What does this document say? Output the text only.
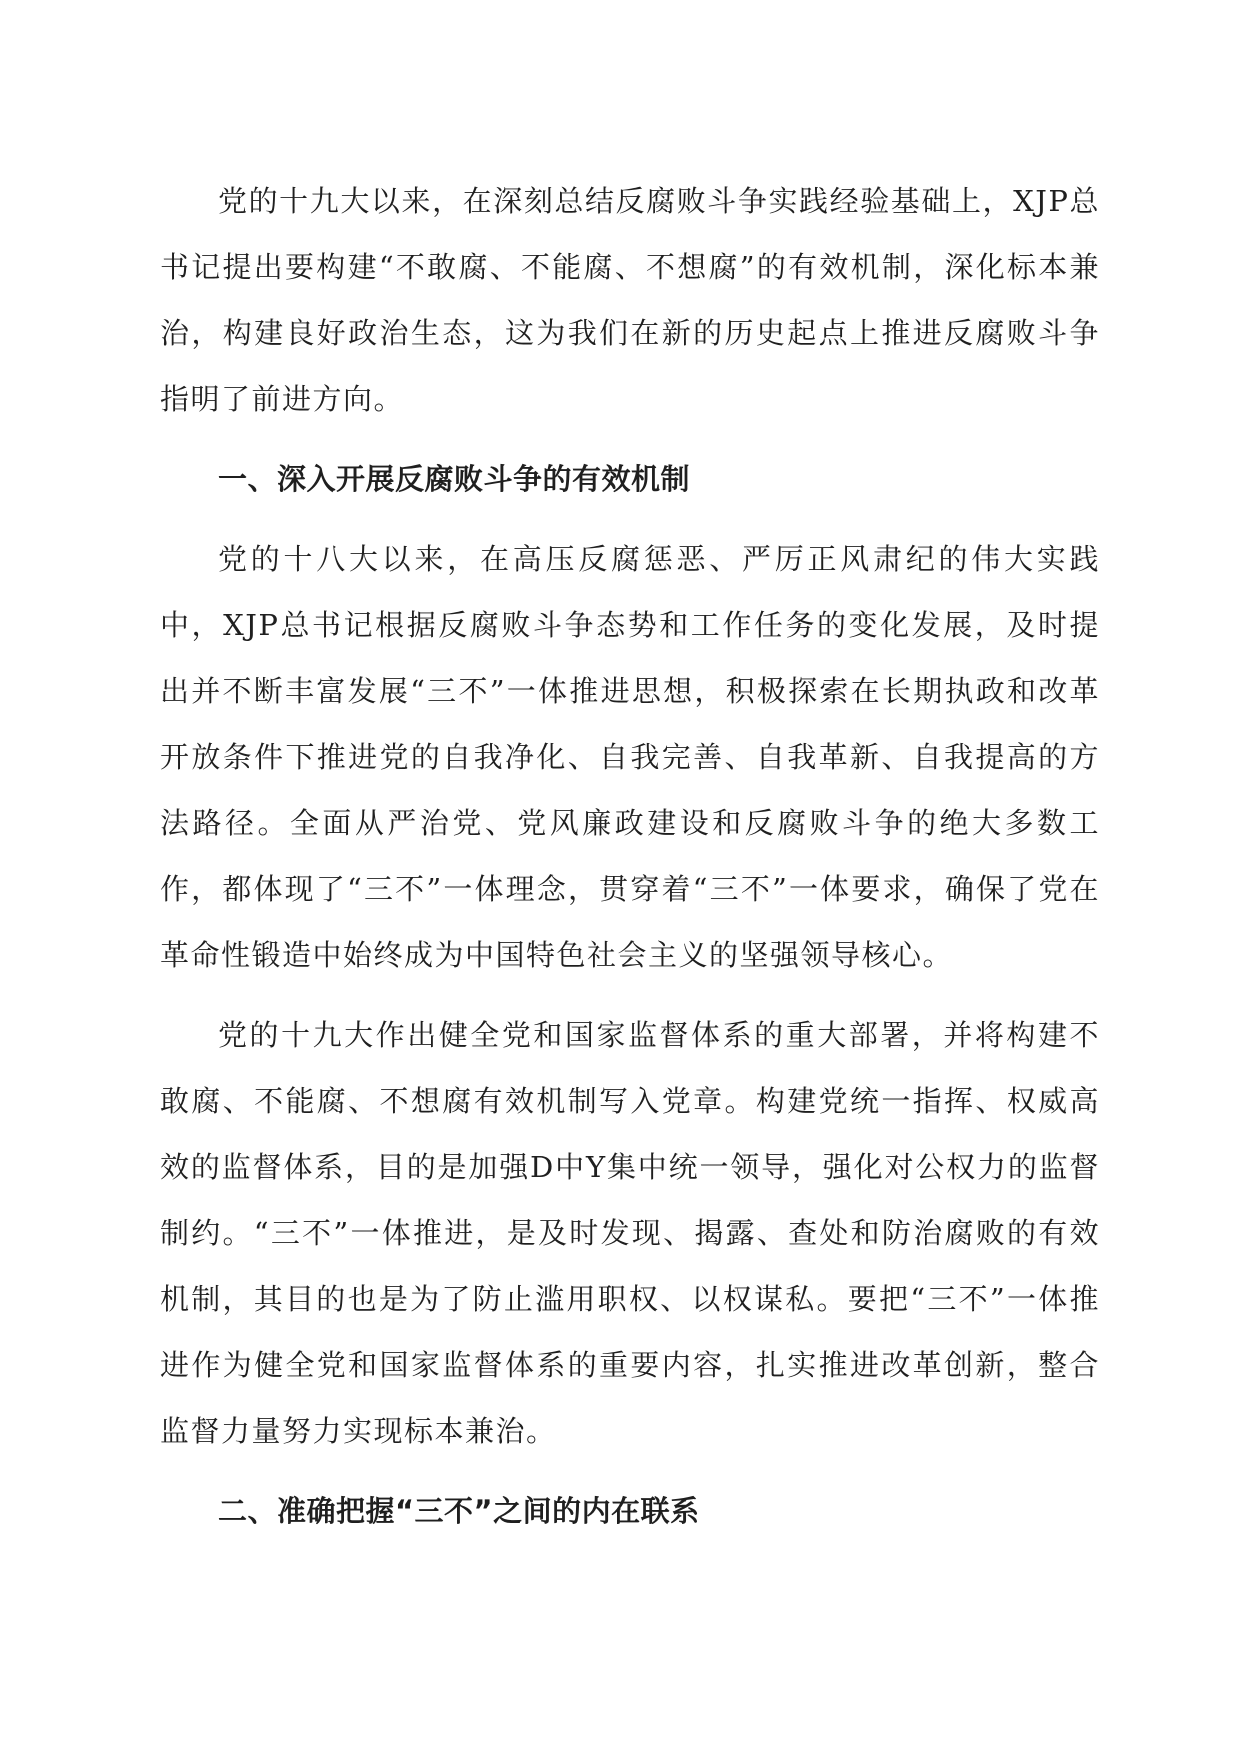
党的十九大以来，在深刻总结反腐败斗争实践经验基础上，XJP总书记提出要构建“不敢腐、不能腐、不想腐”的有效机制，深化标本兼治，构建良好政治生态，这为我们在新的历史起点上推进反腐败斗争指明了前进方向。

一、深入开展反腐败斗争的有效机制

党的十八大以来，在高压反腐惩恶、严厉正风肃纪的伟大实践中，XJP总书记根据反腐败斗争态势和工作任务的变化发展，及时提出并不断丰富发展“三不”一体推进思想，积极探索在长期执政和改革开放条件下推进党的自我净化、自我完善、自我革新、自我提高的方法路径。全面从严治党、党风廉政建设和反腐败斗争的绝大多数工作，都体现了“三不”一体理念，贯穿着“三不”一体要求，确保了党在革命性锻造中始终成为中国特色社会主义的坚强领导核心。

党的十九大作出健全党和国家监督体系的重大部署，并将构建不敢腐、不能腐、不想腐有效机制写入党章。构建党统一指挥、权威高效的监督体系，目的是加强D中Y集中统一领导，强化对公权力的监督制约。“三不”一体推进，是及时发现、揭露、查处和防治腐败的有效机制，其目的也是为了防止滥用职权、以权谋私。要把“三不”一体推进作为健全党和国家监督体系的重要内容，扎实推进改革创新，整合监督力量努力实现标本兼治。

二、准确把握“三不”之间的内在联系
